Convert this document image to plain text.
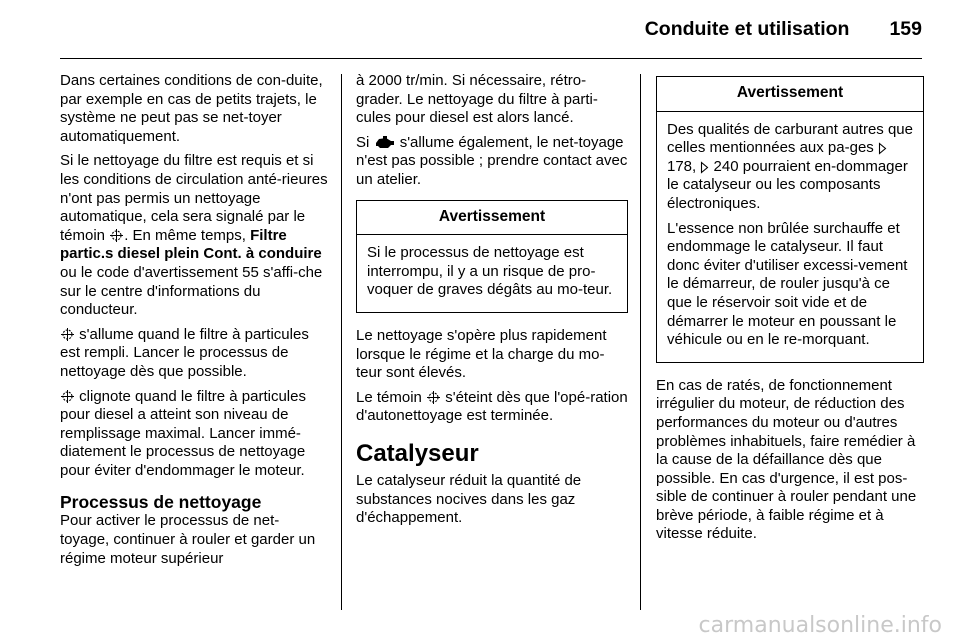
Conduite et utilisation 159

Dans certaines conditions de con-duite, par exemple en cas de petits trajets, le système ne peut pas se net-toyer automatiquement.

Si le nettoyage du filtre est requis et si les conditions de circulation anté-rieures n'ont pas permis un nettoyage automatique, cela sera signalé par le témoin . En même temps, Filtre partic.s diesel plein Cont. à conduire ou le code d'avertissement 55 s'affi-che sur le centre d'informations du conducteur.

s'allume quand le filtre à particules est rempli. Lancer le processus de nettoyage dès que possible.

clignote quand le filtre à particules pour diesel a atteint son niveau de remplissage maximal. Lancer immé-diatement le processus de nettoyage pour éviter d'endommager le moteur.

Processus de nettoyage

Pour activer le processus de net-toyage, continuer à rouler et garder un régime moteur supérieur

à 2000 tr/min. Si nécessaire, rétro-grader. Le nettoyage du filtre à parti-cules pour diesel est alors lancé.

Si s'allume également, le net-toyage n'est pas possible ; prendre contact avec un atelier.

Avertissement

Si le processus de nettoyage est interrompu, il y a un risque de pro-voquer de graves dégâts au mo-teur.

Le nettoyage s'opère plus rapidement lorsque le régime et la charge du mo-teur sont élevés.

Le témoin s'éteint dès que l'opé-ration d'autonettoyage est terminée.

Catalyseur

Le catalyseur réduit la quantité de substances nocives dans les gaz d'échappement.

Avertissement

Des qualités de carburant autres que celles mentionnées aux pa-ges  178, 240 pourraient en-dommager le catalyseur ou les composants électroniques.

L'essence non brûlée surchauffe et endommage le catalyseur. Il faut donc éviter d'utiliser excessi-vement le démarreur, de rouler jusqu'à ce que le réservoir soit vide et de démarrer le moteur en poussant le véhicule ou en le re-morquant.

En cas de ratés, de fonctionnement irrégulier du moteur, de réduction des performances du moteur ou d'autres problèmes inhabituels, faire remédier à la cause de la défaillance dès que possible. En cas d'urgence, il est pos-sible de continuer à rouler pendant une brève période, à faible régime et à vitesse réduite.

carmanualsonline.info
